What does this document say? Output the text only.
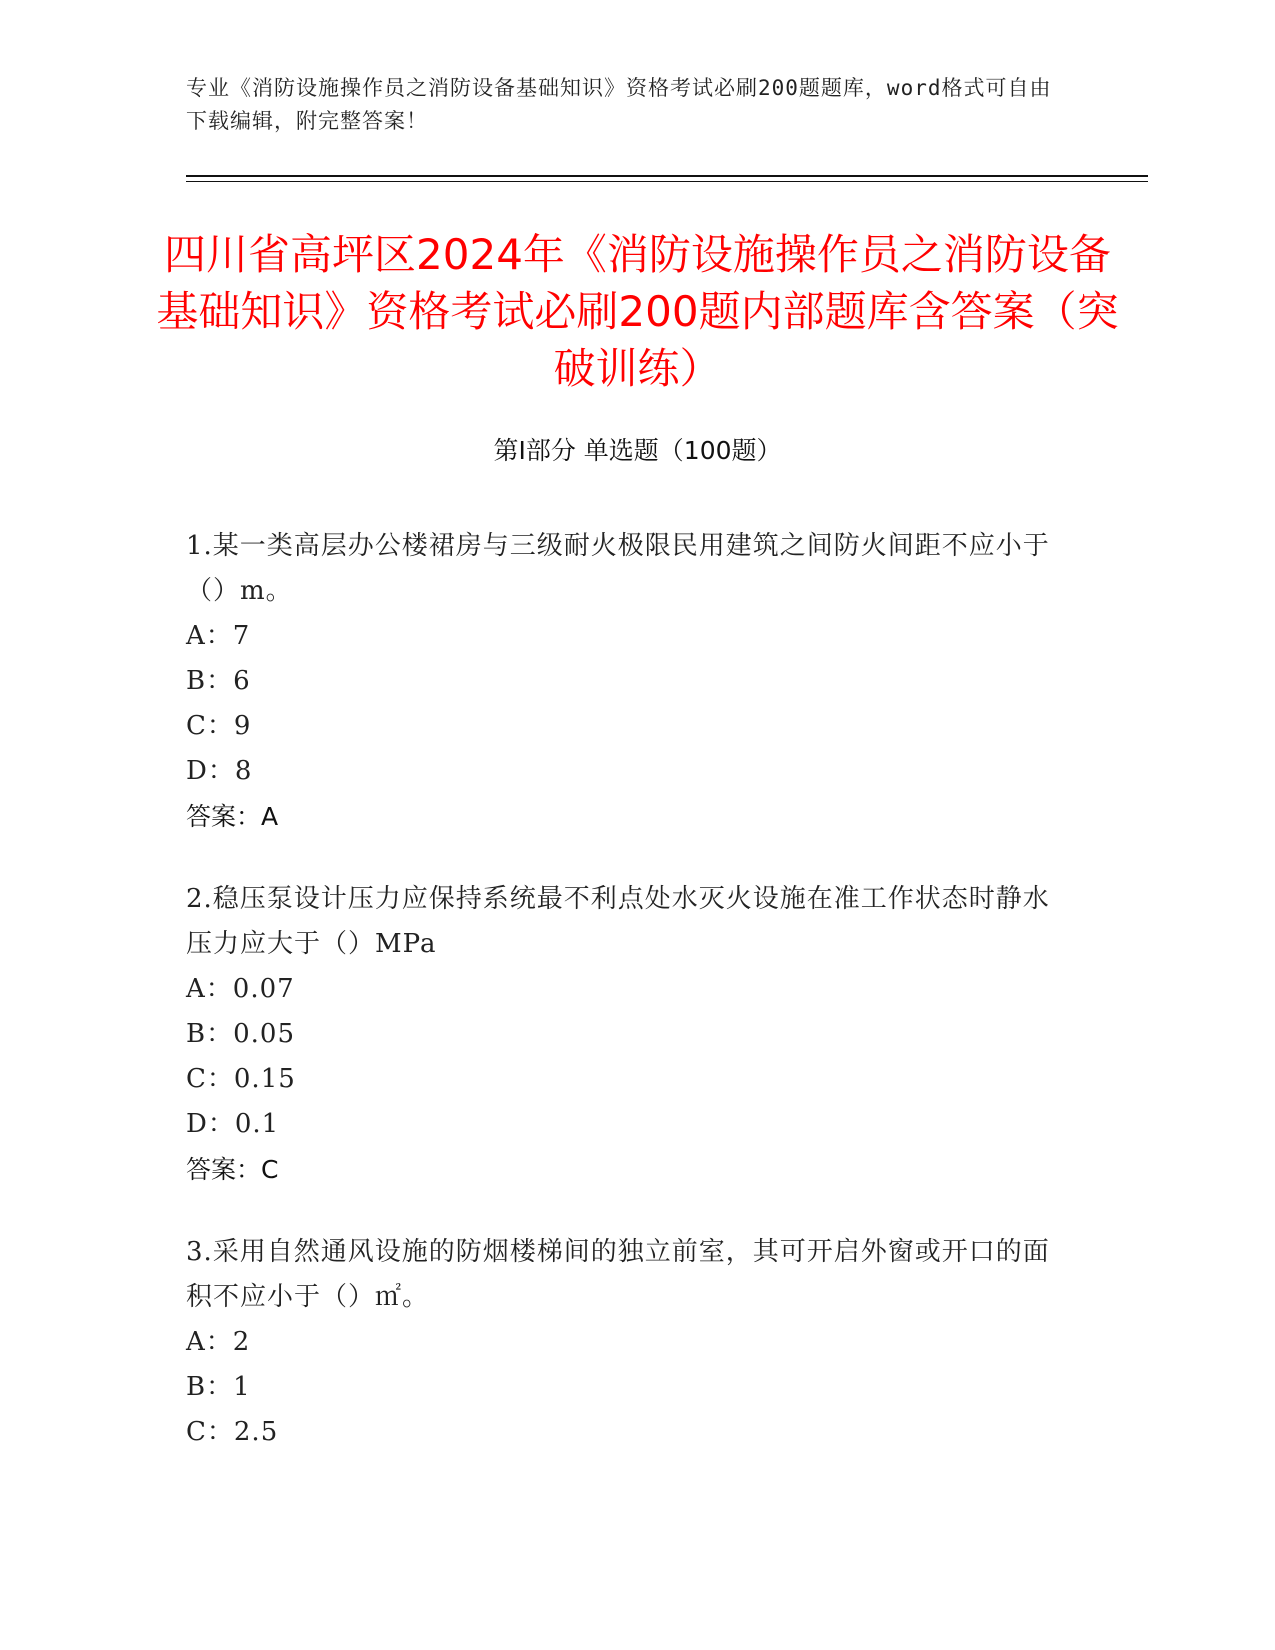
专业《消防设施操作员之消防设备基础知识》资格考试必刷200题题库，word格式可自由下载编辑，附完整答案！
四川省高坪区2024年《消防设施操作员之消防设备基础知识》资格考试必刷200题内部题库含答案（突破训练）
第Ⅰ部分 单选题（100题）
1.某一类高层办公楼裙房与三级耐火极限民用建筑之间防火间距不应小于（）m。
A：7
B：6
C：9
D：8
答案：A
2.稳压泵设计压力应保持系统最不利点处水灭火设施在准工作状态时静水压力应大于（）MPa
A：0.07
B：0.05
C：0.15
D：0.1
答案：C
3.采用自然通风设施的防烟楼梯间的独立前室，其可开启外窗或开口的面积不应小于（）㎡。
A：2
B：1
C：2.5
